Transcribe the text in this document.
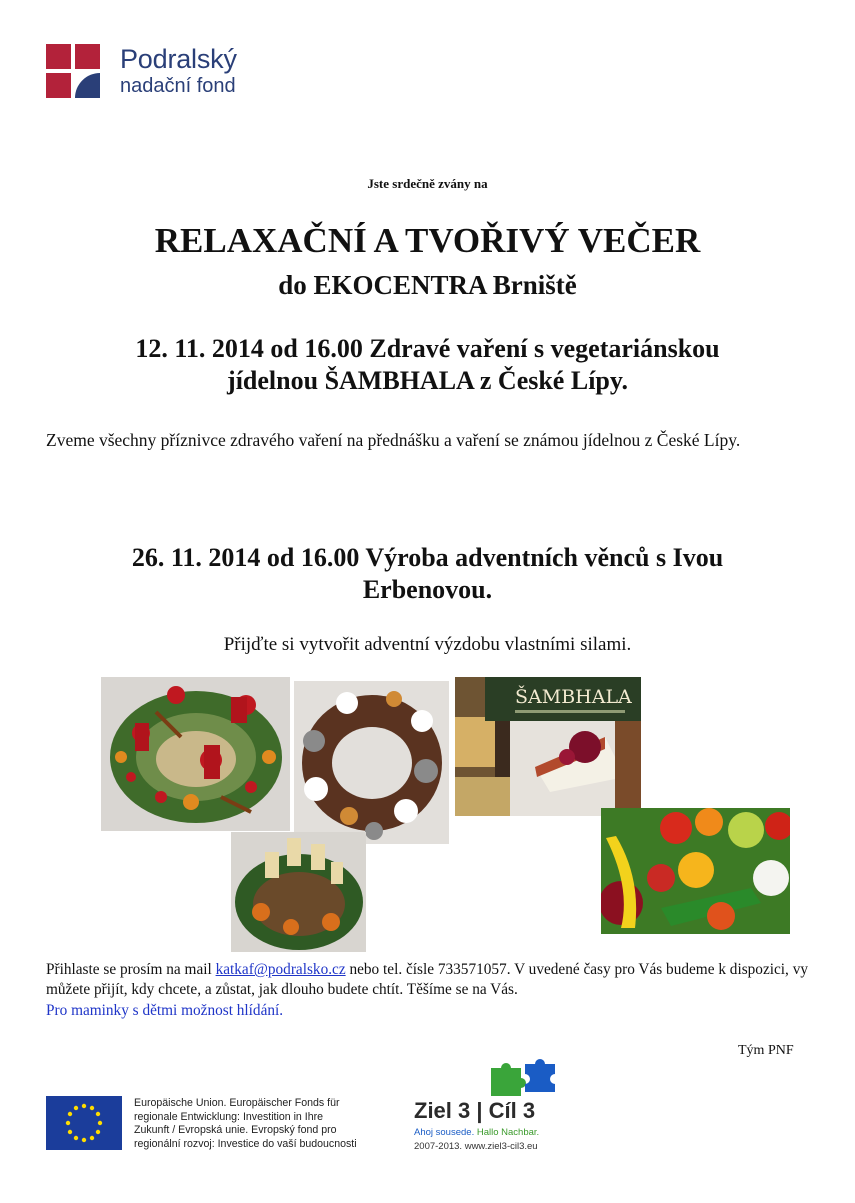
Podralský
nadační fond
Jste srdečně zvány na
RELAXAČNÍ A TVOŘIVÝ VEČER
do EKOCENTRA Brniště
12. 11. 2014 od 16.00 Zdravé vaření s vegetariánskou
jídelnou ŠAMBHALA z České Lípy.
Zveme všechny příznivce zdravého vaření na přednášku a vaření se známou jídelnou z České Lípy.
26. 11. 2014 od 16.00 Výroba adventních věnců s Ivou
Erbenovou.
Přijďte si vytvořit adventní výzdobu vlastními silami.
ŠAMBHALA
Přihlaste se prosím na mail katkaf@podralsko.cz nebo tel. čísle 733571057. V uvedené časy pro Vás budeme k dispozici, vy můžete přijít, kdy chcete, a zůstat, jak dlouho budete chtít. Těšíme se na Vás.
Pro maminky s dětmi možnost hlídání.
Tým PNF
Europäische Union. Europäischer Fonds für
regionale Entwicklung: Investition in Ihre
Zukunft / Evropská unie. Evropský fond pro
regionální rozvoj: Investice do vaší budoucnosti
Ziel 3 | Cíl 3
Ahoj sousede. Hallo Nachbar.
2007-2013. www.ziel3-cil3.eu
